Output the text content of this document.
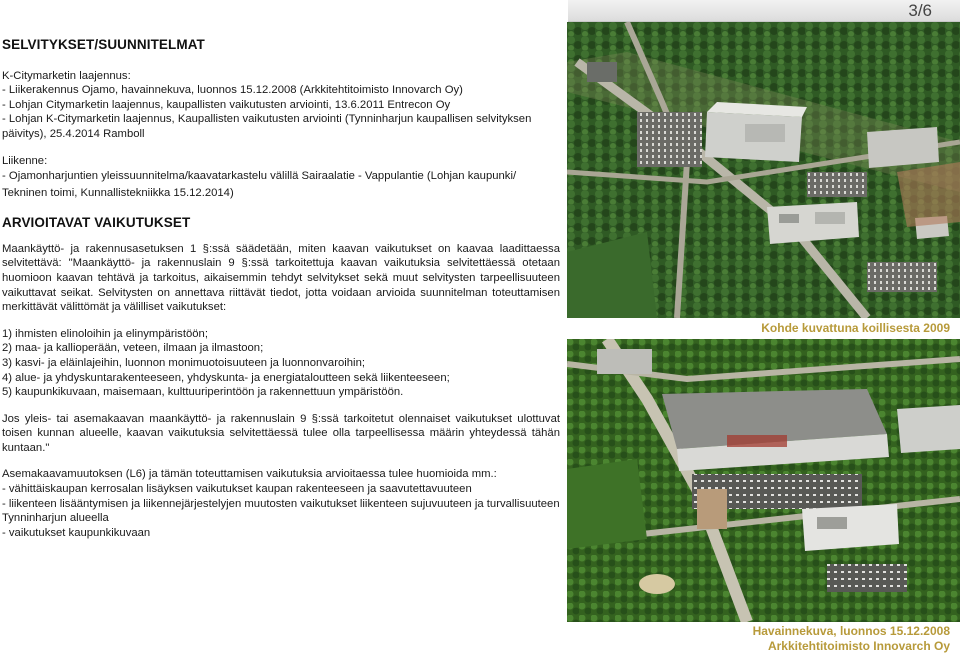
3/6
SELVITYKSET/SUUNNITELMAT
K-Citymarketin laajennus:
- Liikerakennus Ojamo, havainnekuva, luonnos 15.12.2008 (Arkkitehtitoimisto Innovarch Oy)
- Lohjan Citymarketin laajennus, kaupallisten vaikutusten arviointi, 13.6.2011 Entrecon Oy
- Lohjan K-Citymarketin laajennus, Kaupallisten vaikutusten arviointi (Tynninharjun kaupallisen selvityksen päivitys), 25.4.2014 Ramboll
Liikenne:
- Ojamonharjuntien yleissuunnitelma/kaavatarkastelu välillä Sairaalatie - Vappulantie (Lohjan kaupunki/ Tekninen toimi, Kunnallistekniikka 15.12.2014)
ARVIOITAVAT VAIKUTUKSET
Maankäyttö- ja rakennusasetuksen 1 §:ssä säädetään, miten kaavan vaikutukset on kaavaa laadittaessa selvitettävä: "Maankäyttö- ja rakennuslain 9 §:ssä tarkoitettuja kaavan vaikutuksia selvitettäessä otetaan huomioon kaavan tehtävä ja tarkoitus, aikaisemmin tehdyt selvitykset sekä muut selvitysten tarpeellisuuteen vaikuttavat seikat. Selvitysten on annettava riittävät tiedot, jotta voidaan arvioida suunnitelman toteuttamisen merkittävät välittömät ja välilliset vaikutukset:
1) ihmisten elinoloihin ja elinympäristöön;
2) maa- ja kallioperään, veteen, ilmaan ja ilmastoon;
3) kasvi- ja eläinlajeihin, luonnon monimuotoisuuteen ja luonnonvaroihin;
4) alue- ja yhdyskuntarakenteeseen, yhdyskunta- ja energiataloutteen sekä liikenteeseen;
5) kaupunkikuvaan, maisemaan, kulttuuriperintöön ja rakennettuun ympäristöön.
Jos yleis- tai asemakaavan maankäyttö- ja rakennuslain 9 §:ssä tarkoitetut olennaiset vaikutukset ulottuvat toisen kunnan alueelle, kaavan vaikutuksia selvitettäessä tulee olla tarpeellisessa määrin yhteydessä tähän kuntaan."
Asemakaavamuutoksen (L6) ja tämän toteuttamisen vaikutuksia arvioitaessa tulee huomioida mm.:
- vähittäiskaupan kerrosalan lisäyksen vaikutukset kaupan rakenteeseen ja saavutettavuuteen
- liikenteen lisääntymisen ja liikennejärjestelyjen muutosten vaikutukset liikenteen sujuvuuteen ja turvallisuuteen Tynninharjun alueella
- vaikutukset kaupunkikuvaan
Kohde kuvattuna koillisesta 2009
Havainnekuva, luonnos 15.12.2008
Arkkitehtitoimisto Innovarch Oy
